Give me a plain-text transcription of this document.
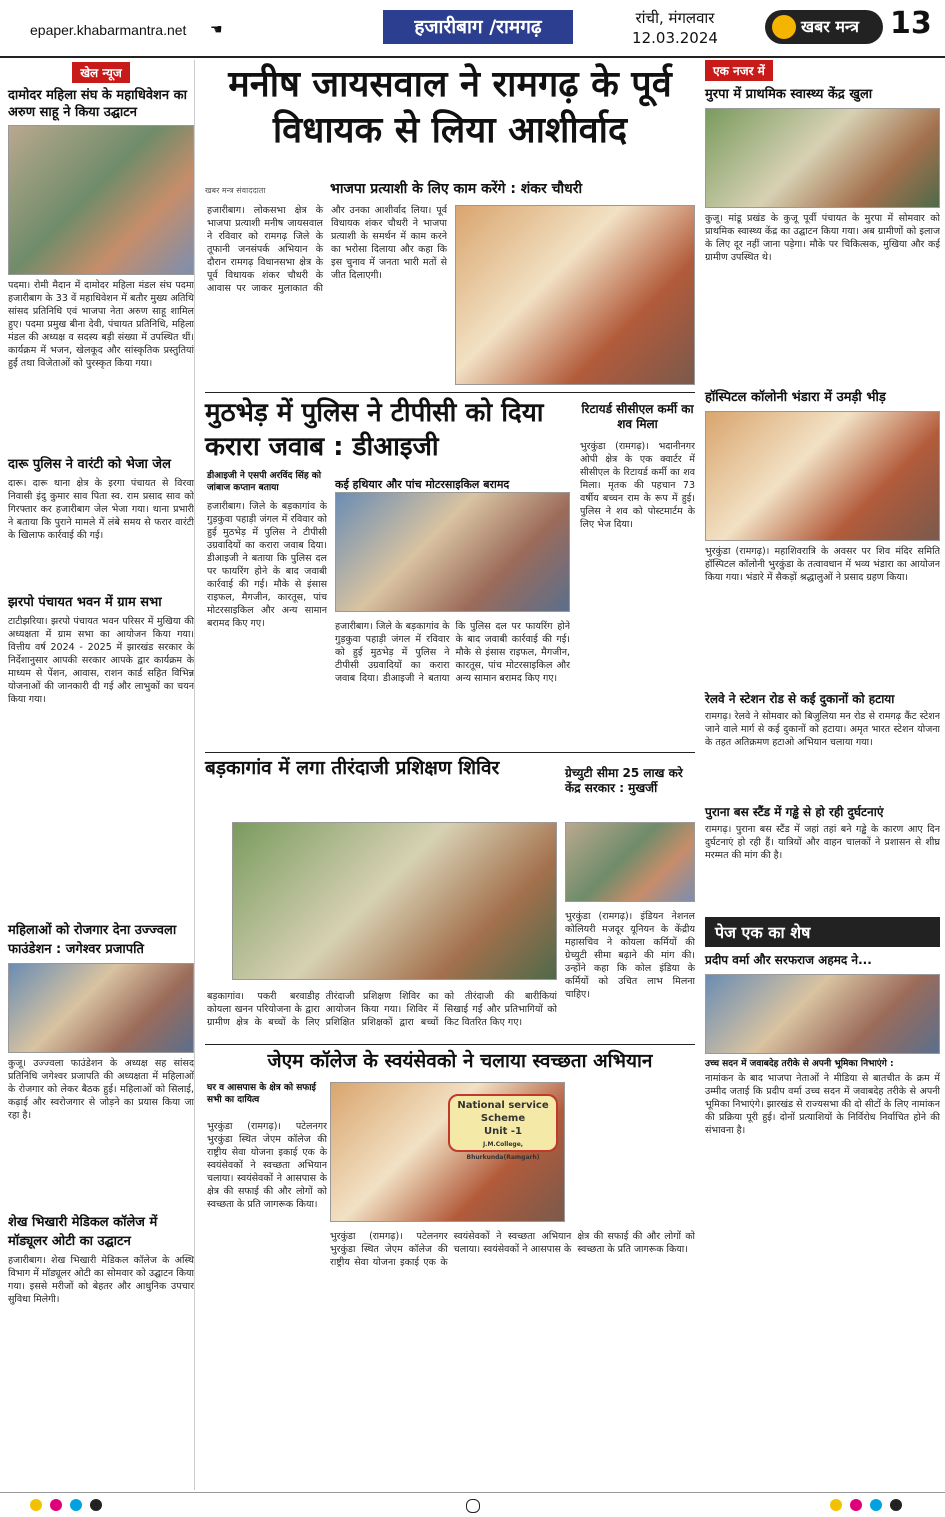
epaper.khabarmantra.net ☚	हजारीबाग /रामगढ़	रांची, मंगलवार
12.03.2024
खबर मन्त्र	13
खेल न्यूज
दामोदर महिला संघ के महाधिवेशन का अरुण साहू ने किया उद्घाटन
पदमा। रोमी मैदान में दामोदर महिला मंडल संघ पदमा हजारीबाग के 33 वें महाधिवेशन में बतौर मुख्य अतिथि सांसद प्रतिनिधि एवं भाजपा नेता अरुण साहू शामिल हुए। पदमा प्रमुख बीना देवी, पंचायत प्रतिनिधि, महिला मंडल की अध्यक्ष व सदस्य बड़ी संख्या में उपस्थित थीं। कार्यक्रम में भजन, खेलकूद और सांस्कृतिक प्रस्तुतियां हुईं तथा विजेताओं को पुरस्कृत किया गया।
दारू पुलिस ने वारंटी को भेजा जेल
दारू। दारू थाना क्षेत्र के इरगा पंचायत से विरवा निवासी इंदु कुमार साव पिता स्व. राम प्रसाद साव को गिरफ्तार कर हजारीबाग जेल भेजा गया। थाना प्रभारी ने बताया कि पुराने मामले में लंबे समय से फरार वारंटी के खिलाफ कार्रवाई की गई।
झरपो पंचायत भवन में ग्राम सभा
टाटीझरिया। झरपो पंचायत भवन परिसर में मुखिया की अध्यक्षता में ग्राम सभा का आयोजन किया गया। वित्तीय वर्ष 2024 - 2025 में झारखंड सरकार के निर्देशानुसार आपकी सरकार आपके द्वार कार्यक्रम के माध्यम से पेंशन, आवास, राशन कार्ड सहित विभिन्न योजनाओं की जानकारी दी गई और लाभुकों का चयन किया गया।
महिलाओं को रोजगार देना उज्ज्वला फाउंडेशन : जगेश्वर प्रजापति
कुजू। उज्ज्वला फाउंडेशन के अध्यक्ष सह सांसद प्रतिनिधि जगेश्वर प्रजापति की अध्यक्षता में महिलाओं के रोजगार को लेकर बैठक हुई। महिलाओं को सिलाई, कढ़ाई और स्वरोजगार से जोड़ने का प्रयास किया जा रहा है।
शेख भिखारी मेडिकल कॉलेज में मॉड्यूलर ओटी का उद्घाटन
हजारीबाग। शेख भिखारी मेडिकल कॉलेज के अस्थि विभाग में मॉड्यूलर ओटी का सोमवार को उद्घाटन किया गया। इससे मरीजों को बेहतर और आधुनिक उपचार सुविधा मिलेगी।
मनीष जायसवाल ने रामगढ़ के पूर्व विधायक से लिया आशीर्वाद
खबर मन्त्र संवाददाता	भाजपा प्रत्याशी के लिए काम करेंगे : शंकर चौधरी
हजारीबाग। लोकसभा क्षेत्र के भाजपा प्रत्याशी मनीष जायसवाल ने रविवार को रामगढ़ जिले के तूफानी जनसंपर्क अभियान के दौरान रामगढ़ विधानसभा क्षेत्र के पूर्व विधायक शंकर चौधरी के आवास पर जाकर मुलाकात की और उनका आशीर्वाद लिया। पूर्व विधायक शंकर चौधरी ने भाजपा प्रत्याशी के समर्थन में काम करने का भरोसा दिलाया और कहा कि इस चुनाव में जनता भारी मतों से जीत दिलाएगी।
मुठभेड़ में पुलिस ने टीपीसी को दिया करारा जवाब : डीआइजी
डीआइजी ने एसपी अरविंद सिंह को जांबाज कप्तान बताया	कई हथियार और पांच मोटरसाइकिल बरामद
हजारीबाग। जिले के बड़कागांव के गुड़कुवा पहाड़ी जंगल में रविवार को हुई मुठभेड़ में पुलिस ने टीपीसी उग्रवादियों का करारा जवाब दिया। डीआइजी ने बताया कि पुलिस दल पर फायरिंग होने के बाद जवाबी कार्रवाई की गई। मौके से इंसास राइफल, मैगजीन, कारतूस, पांच मोटरसाइकिल और अन्य सामान बरामद किए गए।	हजारीबाग। जिले के बड़कागांव के गुड़कुवा पहाड़ी जंगल में रविवार को हुई मुठभेड़ में पुलिस ने टीपीसी उग्रवादियों का करारा जवाब दिया। डीआइजी ने बताया कि पुलिस दल पर फायरिंग होने के बाद जवाबी कार्रवाई की गई। मौके से इंसास राइफल, मैगजीन, कारतूस, पांच मोटरसाइकिल और अन्य सामान बरामद किए गए।
रिटायर्ड सीसीएल कर्मी का शव मिला
भुरकुंडा (रामगढ़)। भदानीनगर ओपी क्षेत्र के एक क्वार्टर में सीसीएल के रिटायर्ड कर्मी का शव मिला। मृतक की पहचान 73 वर्षीय बच्चन राम के रूप में हुई। पुलिस ने शव को पोस्टमार्टम के लिए भेज दिया।
बड़कागांव में लगा तीरंदाजी प्रशिक्षण शिविर
बड़कागांव। पकरी बरवाडीह कोयला खनन परियोजना के द्वारा ग्रामीण क्षेत्र के बच्चों के लिए तीरंदाजी प्रशिक्षण शिविर का आयोजन किया गया। शिविर में प्रशिक्षित प्रशिक्षकों द्वारा बच्चों को तीरंदाजी की बारीकियां सिखाई गईं और प्रतिभागियों को किट वितरित किए गए।
ग्रेच्युटी सीमा 25 लाख करे केंद्र सरकार : मुखर्जी
भुरकुंडा (रामगढ़)। इंडियन नेशनल कोलियरी मजदूर यूनियन के केंद्रीय महासचिव ने कोयला कर्मियों की ग्रेच्युटी सीमा बढ़ाने की मांग की। उन्होंने कहा कि कोल इंडिया के कर्मियों को उचित लाभ मिलना चाहिए।
जेएम कॉलेज के स्वयंसेवको ने चलाया स्वच्छता अभियान
घर व आसपास के क्षेत्र को सफाई सभी का दायित्व
भुरकुंडा (रामगढ़)। पटेलनगर भुरकुंडा स्थित जेएम कॉलेज की राष्ट्रीय सेवा योजना इकाई एक के स्वयंसेवकों ने स्वच्छता अभियान चलाया। स्वयंसेवकों ने आसपास के क्षेत्र की सफाई की और लोगों को स्वच्छता के प्रति जागरूक किया।
National service Scheme
Unit -1
J.M.College, Bhurkunda(Ramgarh)
भुरकुंडा (रामगढ़)। पटेलनगर भुरकुंडा स्थित जेएम कॉलेज की राष्ट्रीय सेवा योजना इकाई एक के स्वयंसेवकों ने स्वच्छता अभियान चलाया। स्वयंसेवकों ने आसपास के क्षेत्र की सफाई की और लोगों को स्वच्छता के प्रति जागरूक किया।
एक नजर में
मुरपा में प्राथमिक स्वास्थ्य केंद्र खुला
कुजू। मांडू प्रखंड के कुजू पूर्वी पंचायत के मुरपा में सोमवार को प्राथमिक स्वास्थ्य केंद्र का उद्घाटन किया गया। अब ग्रामीणों को इलाज के लिए दूर नहीं जाना पड़ेगा। मौके पर चिकित्सक, मुखिया और कई ग्रामीण उपस्थित थे।
हॉस्पिटल कॉलोनी भंडारा में उमड़ी भीड़
भुरकुंडा (रामगढ़)। महाशिवरात्रि के अवसर पर शिव मंदिर समिति हॉस्पिटल कॉलोनी भुरकुंडा के तत्वावधान में भव्य भंडारा का आयोजन किया गया। भंडारे में सैकड़ों श्रद्धालुओं ने प्रसाद ग्रहण किया।
रेलवे ने स्टेशन रोड से कई दुकानों को हटाया
रामगढ़। रेलवे ने सोमवार को बिजुलिया मन रोड से रामगढ़ कैंट स्टेशन जाने वाले मार्ग से कई दुकानों को हटाया। अमृत भारत स्टेशन योजना के तहत अतिक्रमण हटाओ अभियान चलाया गया।
पुराना बस स्टैंड में गड्ढे से हो रही दुर्घटनाएं
रामगढ़। पुराना बस स्टैंड में जहां तहां बने गड्ढे के कारण आए दिन दुर्घटनाएं हो रही हैं। यात्रियों और वाहन चालकों ने प्रशासन से शीघ्र मरम्मत की मांग की है।
पेज एक का शेष
प्रदीप वर्मा और सरफराज अहमद ने...
उच्च सदन में जवाबदेह तरीके से अपनी भूमिका निभाएंगे :
नामांकन के बाद भाजपा नेताओं ने मीडिया से बातचीत के क्रम में उम्मीद जताई कि प्रदीप वर्मा उच्च सदन में जवाबदेह तरीके से अपनी भूमिका निभाएंगे। झारखंड से राज्यसभा की दो सीटों के लिए नामांकन की प्रक्रिया पूरी हुई। दोनों प्रत्याशियों के निर्विरोध निर्वाचित होने की संभावना है।
